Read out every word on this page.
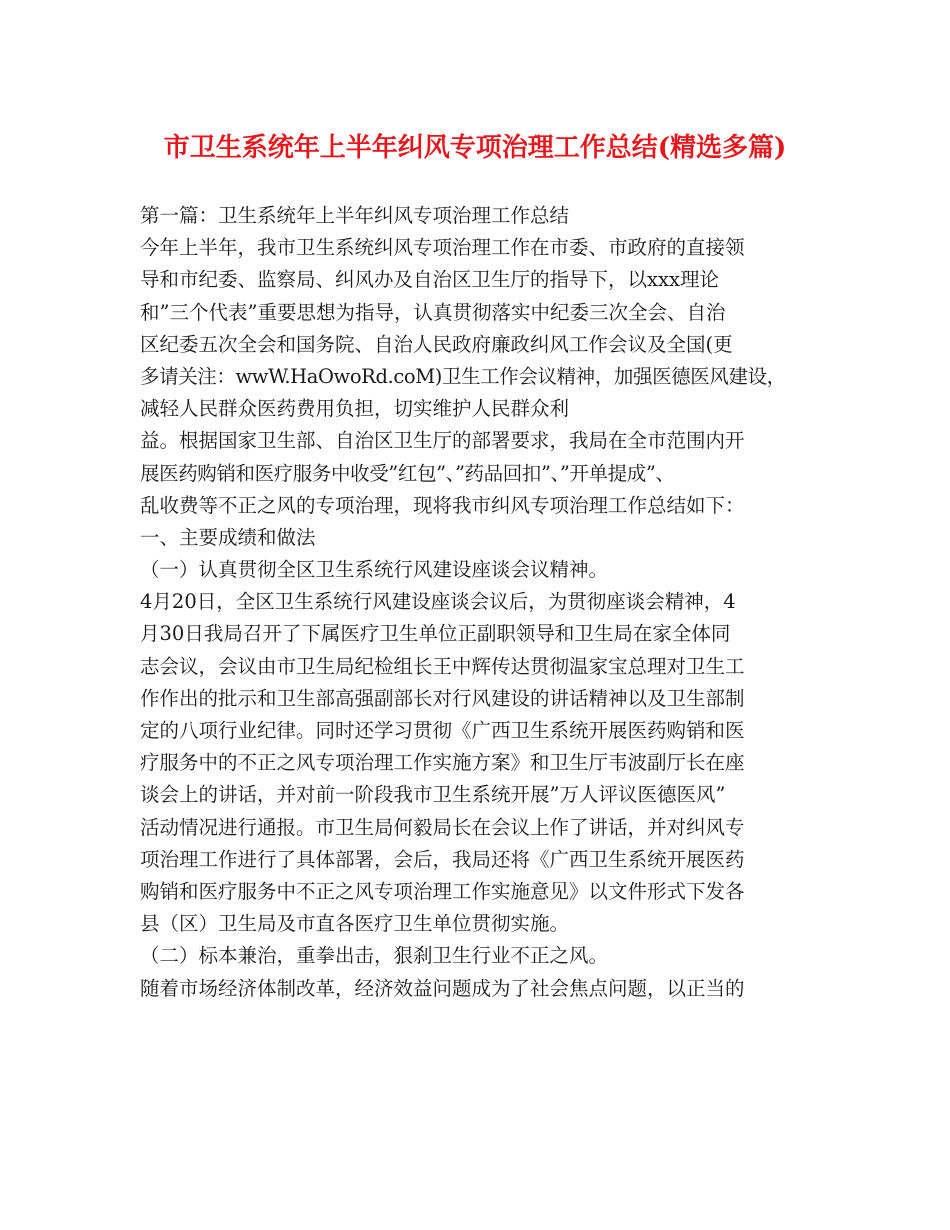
市卫生系统年上半年纠风专项治理工作总结(精选多篇)
第一篇：卫生系统年上半年纠风专项治理工作总结
今年上半年，我市卫生系统纠风专项治理工作在市委、市政府的直接领
导和市纪委、监察局、纠风办及自治区卫生厅的指导下，以xxx理论
和”三个代表”重要思想为指导，认真贯彻落实中纪委三次全会、自治
区纪委五次全会和国务院、自治人民政府廉政纠风工作会议及全国(更
多请关注：wwW.HaOwoRd.coM)卫生工作会议精神，加强医德医风建设，
减轻人民群众医药费用负担，切实维护人民群众利
益。根据国家卫生部、自治区卫生厅的部署要求，我局在全市范围内开
展医药购销和医疗服务中收受”红包”、”药品回扣”、”开单提成”、
乱收费等不正之风的专项治理，现将我市纠风专项治理工作总结如下：
一、主要成绩和做法
（一）认真贯彻全区卫生系统行风建设座谈会议精神。
4月20日，全区卫生系统行风建设座谈会议后，为贯彻座谈会精神，4
月30日我局召开了下属医疗卫生单位正副职领导和卫生局在家全体同
志会议，会议由市卫生局纪检组长王中辉传达贯彻温家宝总理对卫生工
作作出的批示和卫生部高强副部长对行风建设的讲话精神以及卫生部制
定的八项行业纪律。同时还学习贯彻《广西卫生系统开展医药购销和医
疗服务中的不正之风专项治理工作实施方案》和卫生厅韦波副厅长在座
谈会上的讲话，并对前一阶段我市卫生系统开展”万人评议医德医风”
活动情况进行通报。市卫生局何毅局长在会议上作了讲话，并对纠风专
项治理工作进行了具体部署，会后，我局还将《广西卫生系统开展医药
购销和医疗服务中不正之风专项治理工作实施意见》以文件形式下发各
县（区）卫生局及市直各医疗卫生单位贯彻实施。
（二）标本兼治，重拳出击，狠刹卫生行业不正之风。
随着市场经济体制改革，经济效益问题成为了社会焦点问题，以正当的
